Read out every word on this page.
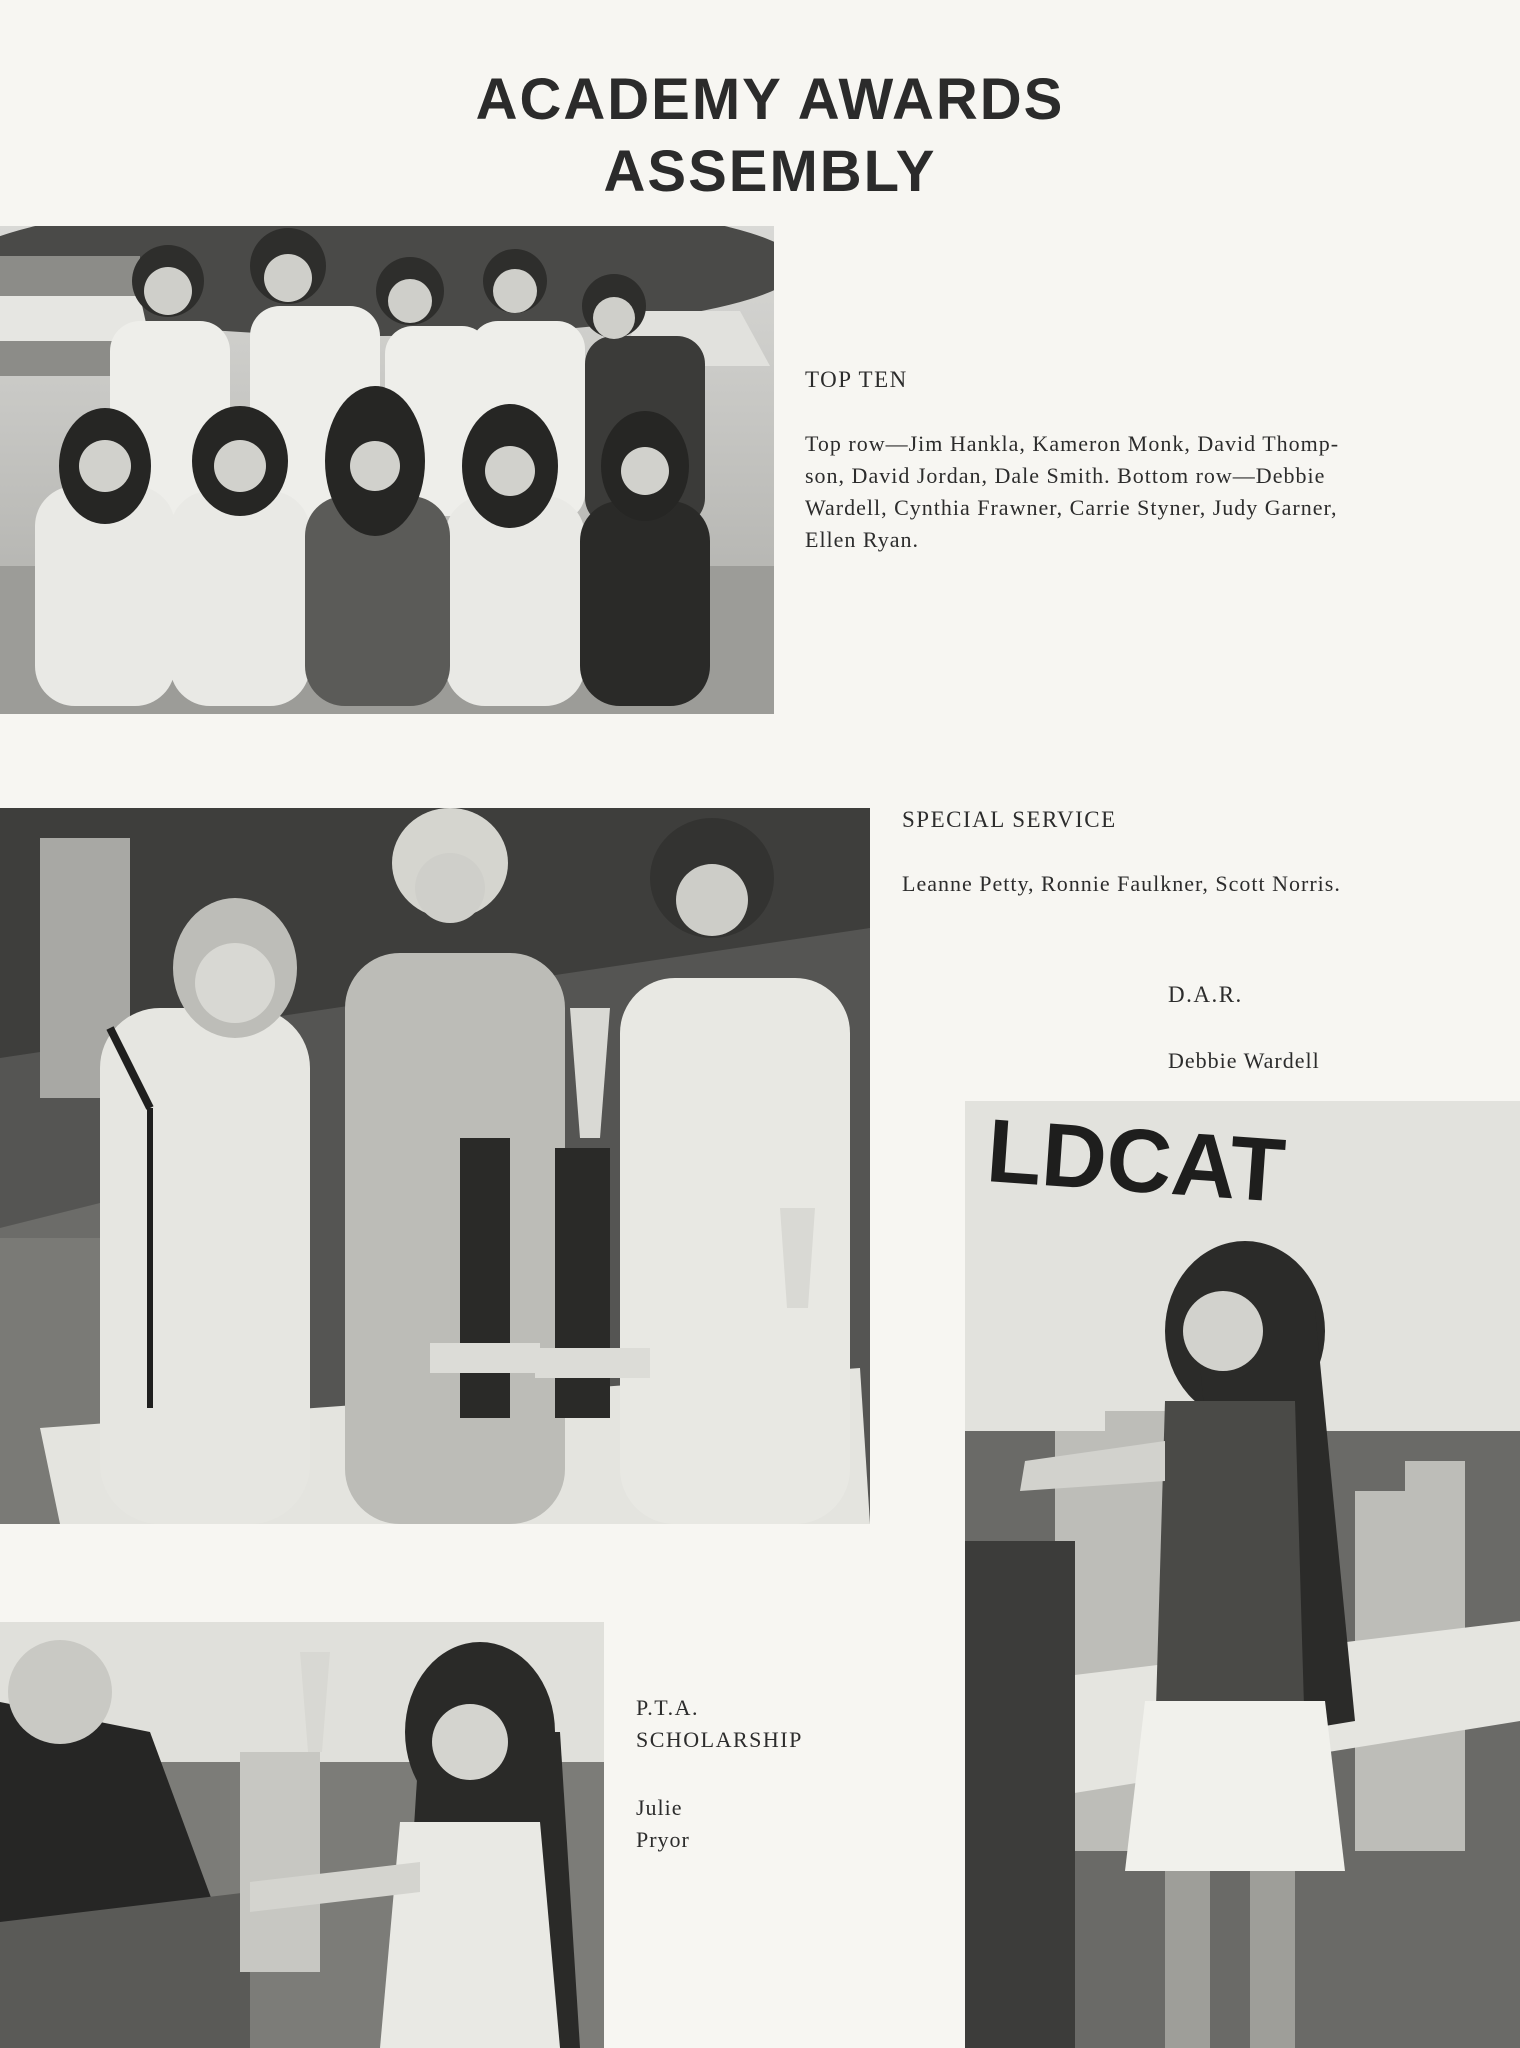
ACADEMY AWARDS
ASSEMBLY
TOP TEN
Top row—Jim Hankla, Kameron Monk, David Thomp-
son, David Jordan, Dale Smith. Bottom row—Debbie
Wardell, Cynthia Frawner, Carrie Styner, Judy Garner,
Ellen Ryan.
SPECIAL SERVICE
Leanne Petty, Ronnie Faulkner, Scott Norris.
D.A.R.
Debbie Wardell
LDCAT
P.T.A.
SCHOLARSHIP
Julie
Pryor
